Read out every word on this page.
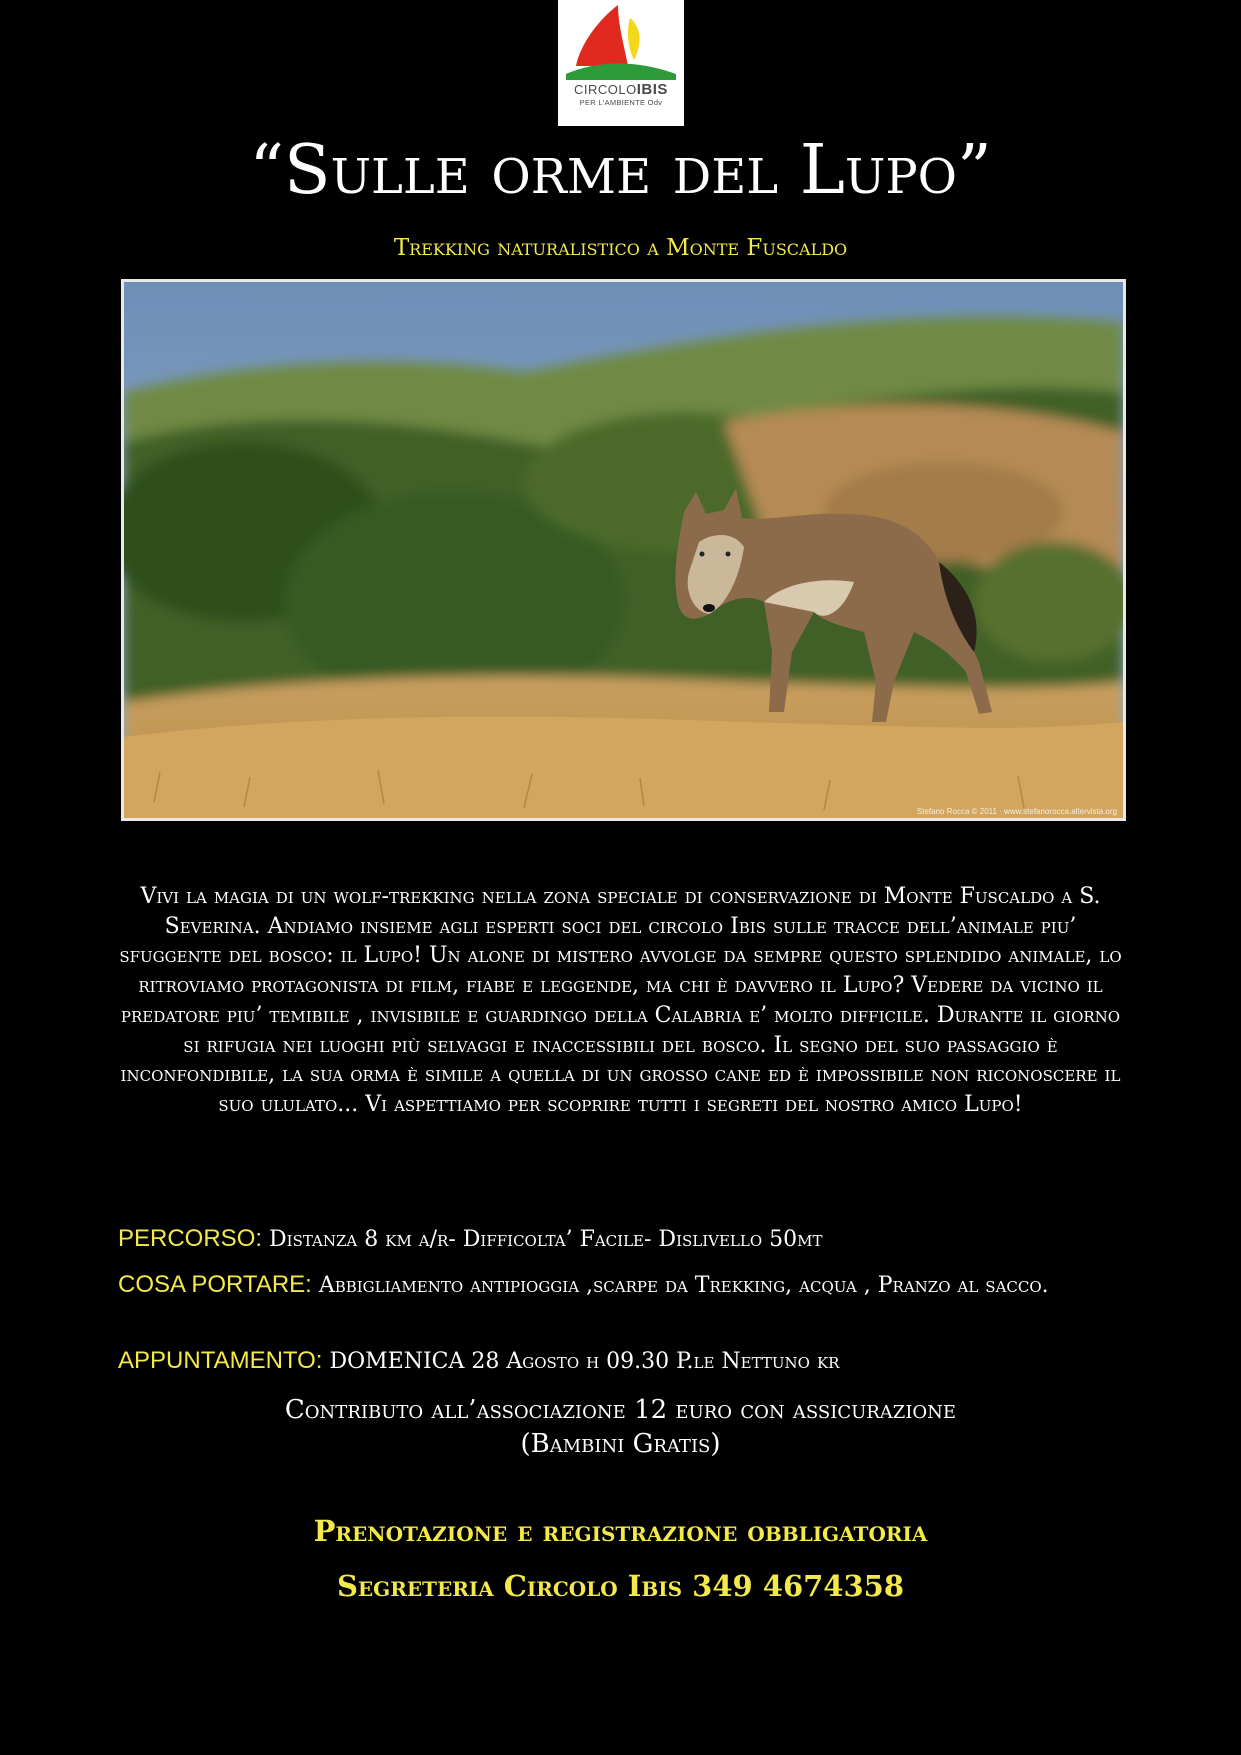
CIRCOLOIBIS
PER L'AMBIENTE Odv
“Sulle orme del Lupo”
Trekking naturalistico a Monte Fuscaldo
Stefano Rocca © 2011 · www.stefanorocca.altervista.org
Vivi la magia di un wolf-trekking nella zona speciale di conservazione di Monte Fuscaldo a S. Severina. Andiamo insieme agli esperti soci del circolo Ibis sulle tracce dell’animale piu’ sfuggente del bosco: il Lupo! Un alone di mistero avvolge da sempre questo splendido animale, lo ritroviamo protagonista di film, fiabe e leggende, ma chi è davvero il Lupo? Vedere da vicino il predatore piu’ temibile , invisibile e guardingo della Calabria e’ molto difficile. Durante il giorno si rifugia nei luoghi più selvaggi e inaccessibili del bosco. Il segno del suo passaggio è inconfondibile, la sua orma è simile a quella di un grosso cane ed è impossibile non riconoscere il suo ululato... Vi aspettiamo per scoprire tutti i segreti del nostro amico Lupo!
PERCORSO: Distanza 8 km a/r- Difficolta’ Facile- Dislivello 50mt
COSA PORTARE: Abbigliamento antipioggia ,scarpe da Trekking, acqua , Pranzo al sacco.
APPUNTAMENTO: DOMENICA 28 Agosto h 09.30 P.le Nettuno kr
Contributo all’associazione 12 euro con assicurazione
(Bambini Gratis)
Prenotazione e registrazione obbligatoria
Segreteria Circolo Ibis 349 4674358
